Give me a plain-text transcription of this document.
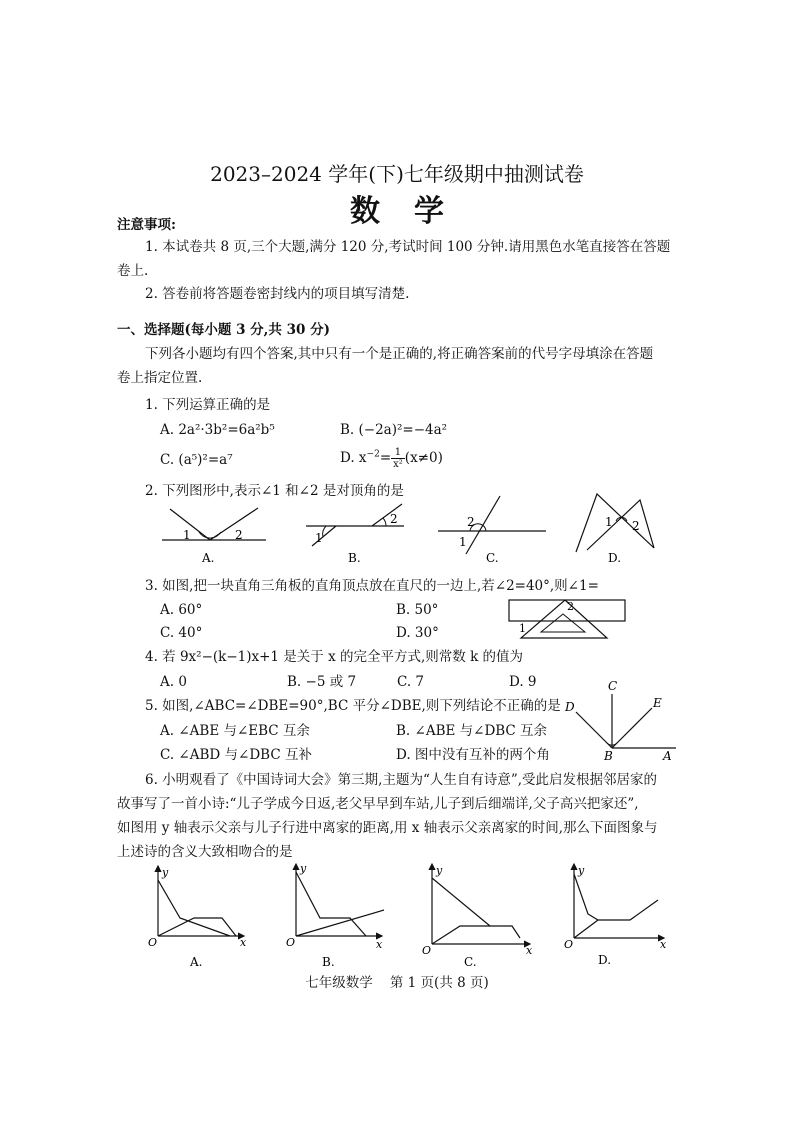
2023–2024 学年(下)七年级期中抽测试卷
数学
注意事项:
1. 本试卷共 8 页,三个大题,满分 120 分,考试时间 100 分钟.请用黑色水笔直接答在答题
卷上.
2. 答卷前将答题卷密封线内的项目填写清楚.
一、选择题(每小题 3 分,共 30 分)
下列各小题均有四个答案,其中只有一个是正确的,将正确答案前的代号字母填涂在答题
卷上指定位置.
1. 下列运算正确的是
A. 2a²·3b²=6a²b⁵	B. (−2a)²=−4a²
C. (a⁵)²=a⁷	D. $x^{-2}= \frac{1}{\text{x²}} (x\ne 0)$
2. 下列图形中,表示∠1 和∠2 是对顶角的是
1	2
A.
1
2
B.
2
1
C.
1 2
D.
3. 如图,把一块直角三角板的直角顶点放在直尺的一边上,若∠2=40°,则∠1=
A. 60°	B. 50°
C. 40°	D. 30°
2
1
4. 若 9x²−(k−1)x+1 是关于 x 的完全平方式,则常数 k 的值为
A. 0	B. −5 或 7	C. 7	D. 9
5. 如图,∠ABC=∠DBE=90°,BC 平分∠DBE,则下列结论不正确的是
A. ∠ABE 与∠EBC 互余	B. ∠ABE 与∠DBC 互余
C. ∠ABD 与∠DBC 互补	D. 图中没有互补的两个角
C
D	E
B	A
6. 小明观看了《中国诗词大会》第三期,主题为“人生自有诗意”,受此启发根据邻居家的
故事写了一首小诗:“儿子学成今日返,老父早早到车站,儿子到后细端详,父子高兴把家还”,
如图用 y 轴表示父亲与儿子行进中离家的距离,用 x 轴表示父亲离家的时间,那么下面图象与
上述诗的含义大致相吻合的是
y
x
O
A.
y
x
O
B.
y
x
O
C.
y
x
O
D.
七年级数学    第 1 页(共 8 页)
